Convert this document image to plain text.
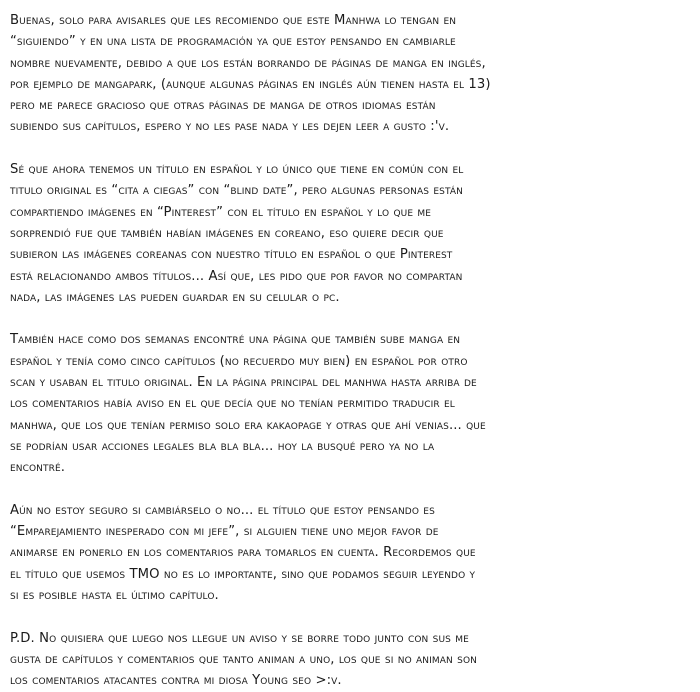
Buenas, solo para avisarles que les recomiendo que este Manhwa lo tengan en
“siguiendo” y en una lista de programación ya que estoy pensando en cambiarle
nombre nuevamente, debido a que los están borrando de páginas de manga en inglés,
por ejemplo de mangapark, (aunque algunas páginas en inglés aún tienen hasta el 13)
pero me parece gracioso que otras páginas de manga de otros idiomas están
subiendo sus capítulos, espero y no les pase nada y les dejen leer a gusto :'v.

Sé que ahora tenemos un título en español y lo único que tiene en común con el
titulo original es “cita a ciegas” con “blind date”, pero algunas personas están
compartiendo imágenes en “Pinterest” con el título en español y lo que me
sorprendió fue que también habían imágenes en coreano, eso quiere decir que
subieron las imágenes coreanas con nuestro título en español o que Pinterest
está relacionando ambos títulos... Así que, les pido que por favor no compartan
nada, las imágenes las pueden guardar en su celular o pc.

También hace como dos semanas encontré una página que también sube manga en
español y tenía como cinco capítulos (no recuerdo muy bien) en español por otro
scan y usaban el titulo original. En la página principal del manhwa hasta arriba de
los comentarios había aviso en el que decía que no tenían permitido traducir el
manhwa, que los que tenían permiso solo era kakaopage y otras que ahí venias... que
se podrían usar acciones legales bla bla bla... hoy la busqué pero ya no la
encontré.

Aún no estoy seguro si cambiárselo o no... el título que estoy pensando es
“Emparejamiento inesperado con mi jefe”, si alguien tiene uno mejor favor de
animarse en ponerlo en los comentarios para tomarlos en cuenta. Recordemos que
el título que usemos TMO no es lo importante, sino que podamos seguir leyendo y
si es posible hasta el último capítulo.

P.D. No quisiera que luego nos llegue un aviso y se borre todo junto con sus me
gusta de capítulos y comentarios que tanto animan a uno, los que si no animan son
los comentarios atacantes contra mi diosa Young seo >:v.
